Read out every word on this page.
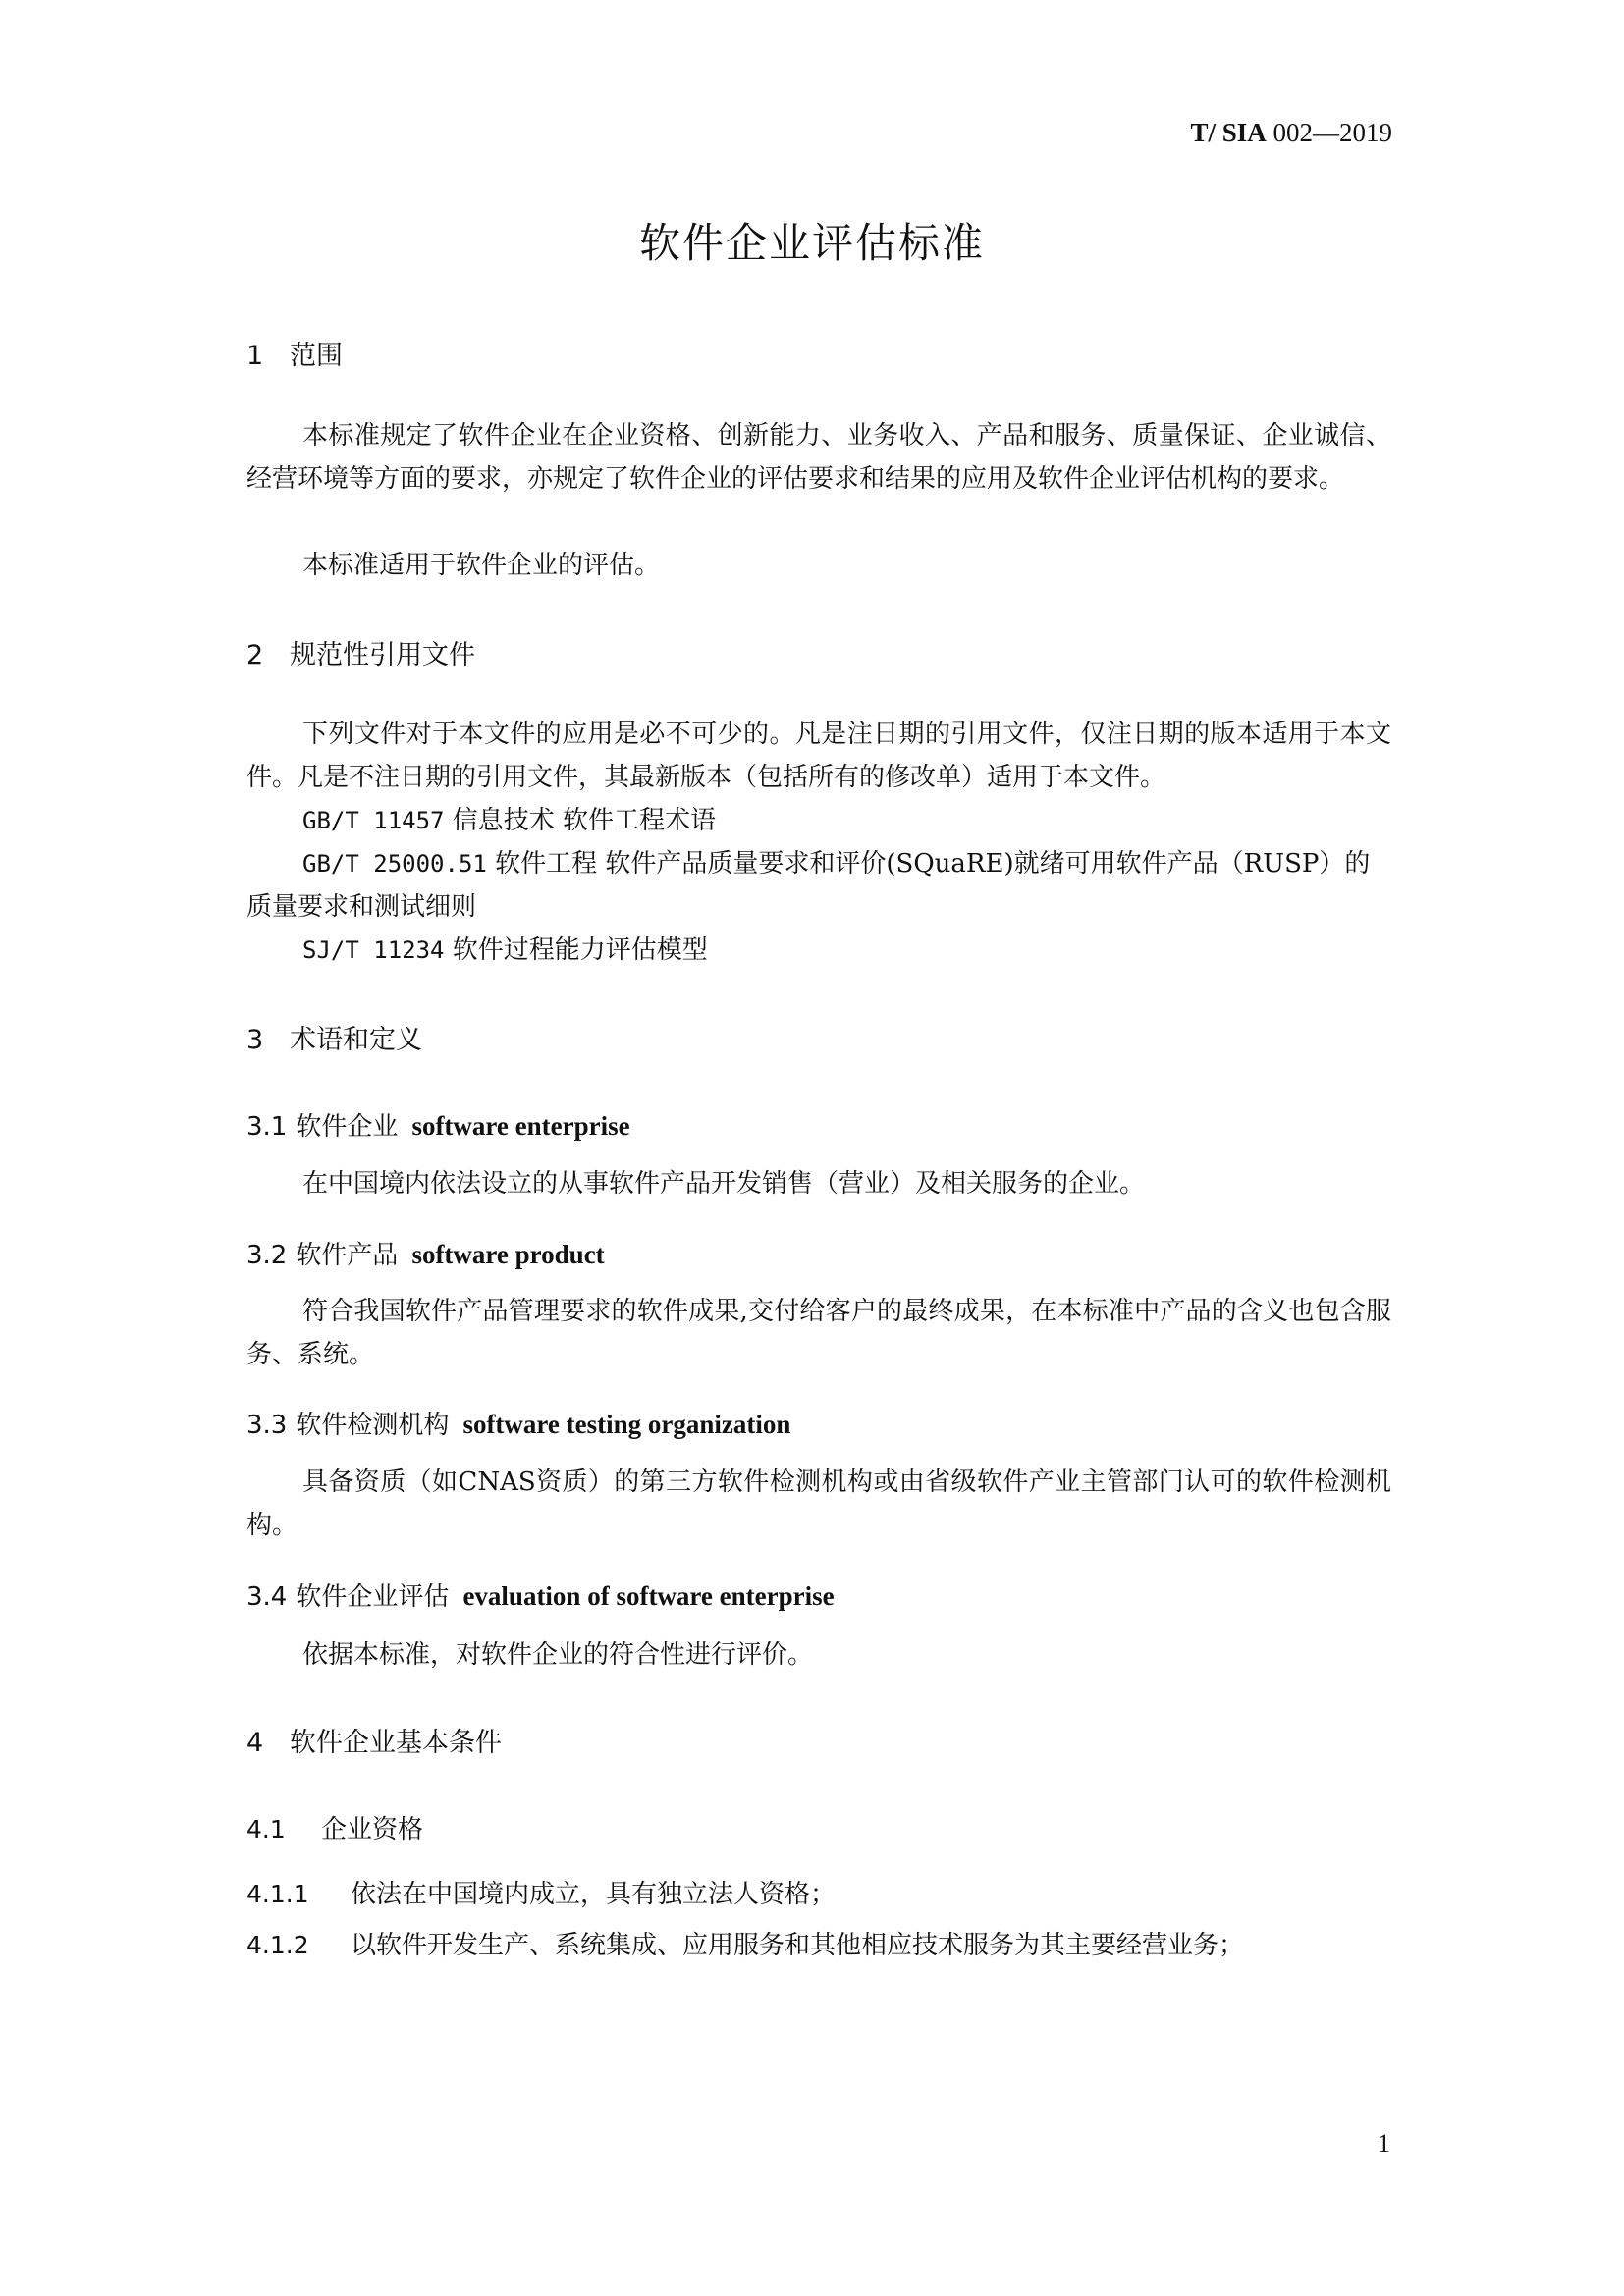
T/ SIA 002—2019

软件企业评估标准
1 范围

本标准规定了软件企业在企业资格、创新能力、业务收入、产品和服务、质量保证、企业诚信、经营环境等方面的要求，亦规定了软件企业的评估要求和结果的应用及软件企业评估机构的要求。

本标准适用于软件企业的评估。

2 规范性引用文件

下列文件对于本文件的应用是必不可少的。凡是注日期的引用文件，仅注日期的版本适用于本文件。凡是不注日期的引用文件，其最新版本（包括所有的修改单）适用于本文件。

GB/T 11457 信息技术 软件工程术语

GB/T 25000.51 软件工程 软件产品质量要求和评价(SQuaRE)就绪可用软件产品（RUSP）的质量要求和测试细则

SJ/T 11234 软件过程能力评估模型

3 术语和定义
3.1 软件企业 software enterprise

在中国境内依法设立的从事软件产品开发销售（营业）及相关服务的企业。

3.2 软件产品 software product

符合我国软件产品管理要求的软件成果,交付给客户的最终成果，在本标准中产品的含义也包含服务、系统。

3.3 软件检测机构 software testing organization

具备资质（如CNAS资质）的第三方软件检测机构或由省级软件产业主管部门认可的软件检测机构。

3.4 软件企业评估 evaluation of software enterprise

依据本标准，对软件企业的符合性进行评价。

4 软件企业基本条件
4.1 企业资格

4.1.1 依法在中国境内成立，具有独立法人资格；

4.1.2 以软件开发生产、系统集成、应用服务和其他相应技术服务为其主要经营业务；

1
